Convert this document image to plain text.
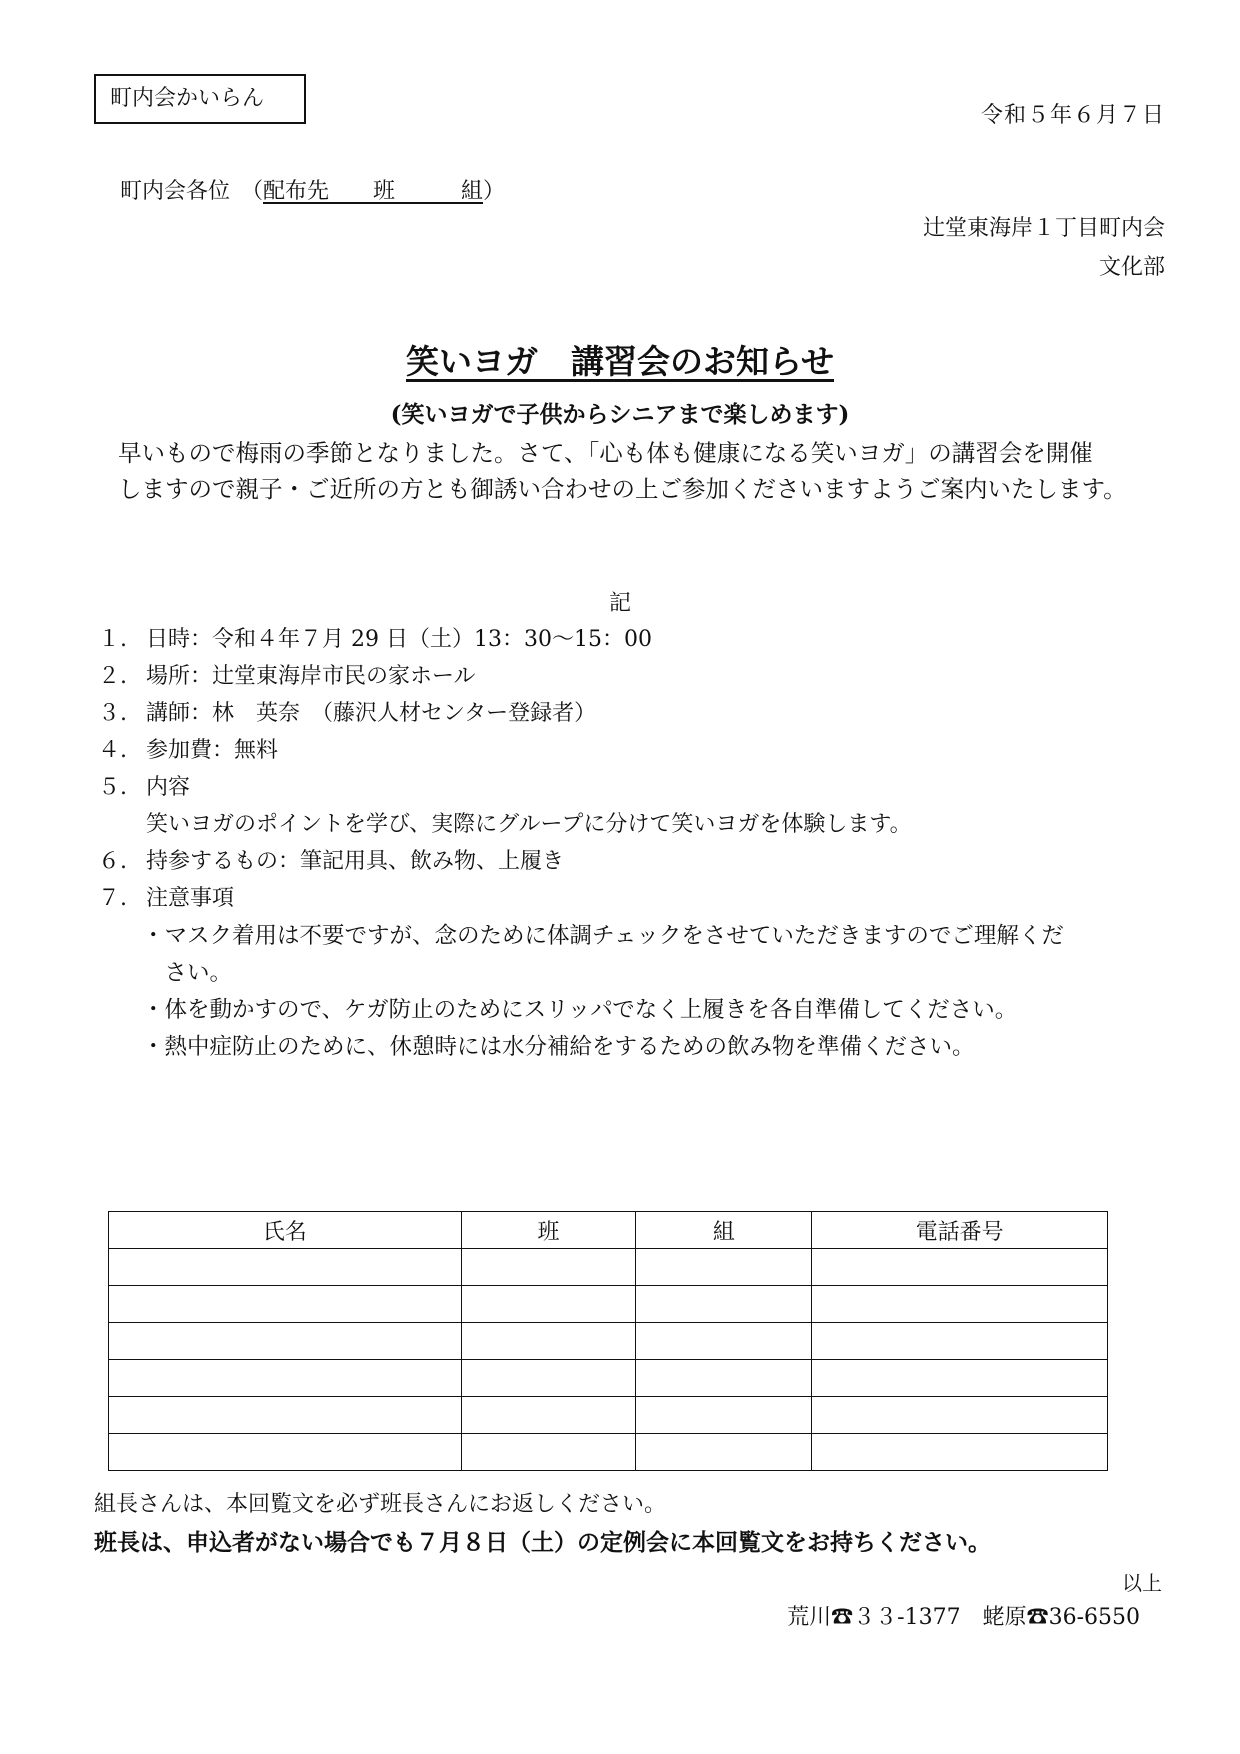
町内会かいらん
令和５年６月７日
町内会各位　（配布先　　班　　　組）
辻堂東海岸１丁目町内会
文化部
笑いヨガ　講習会のお知らせ
(笑いヨガで子供からシニアまで楽しめます)
早いもので梅雨の季節となりました。さて、「心も体も健康になる笑いヨガ」の講習会を開催
しますので親子・ご近所の方とも御誘い合わせの上ご参加くださいますようご案内いたします。
記
１. 日時：令和４年７月 29 日（土）13：30～15：00
２. 場所：辻堂東海岸市民の家ホール
３. 講師：林　英奈　（藤沢人材センター登録者）
４. 参加費：無料
５. 内容
笑いヨガのポイントを学び、実際にグループに分けて笑いヨガを体験します。
６. 持参するもの：筆記用具、飲み物、上履き
７. 注意事項
・マスク着用は不要ですが、念のために体調チェックをさせていただきますのでご理解くだ
　さい。
・体を動かすので、ケガ防止のためにスリッパでなく上履きを各自準備してください。
・熱中症防止のために、休憩時には水分補給をするための飲み物を準備ください。
氏名	班	組	電話番号

組長さんは、本回覧文を必ず班長さんにお返しください。
班長は、申込者がない場合でも７月８日（土）の定例会に本回覧文をお持ちください。
以上
荒川☎３３-1377　蛯原☎36-6550
